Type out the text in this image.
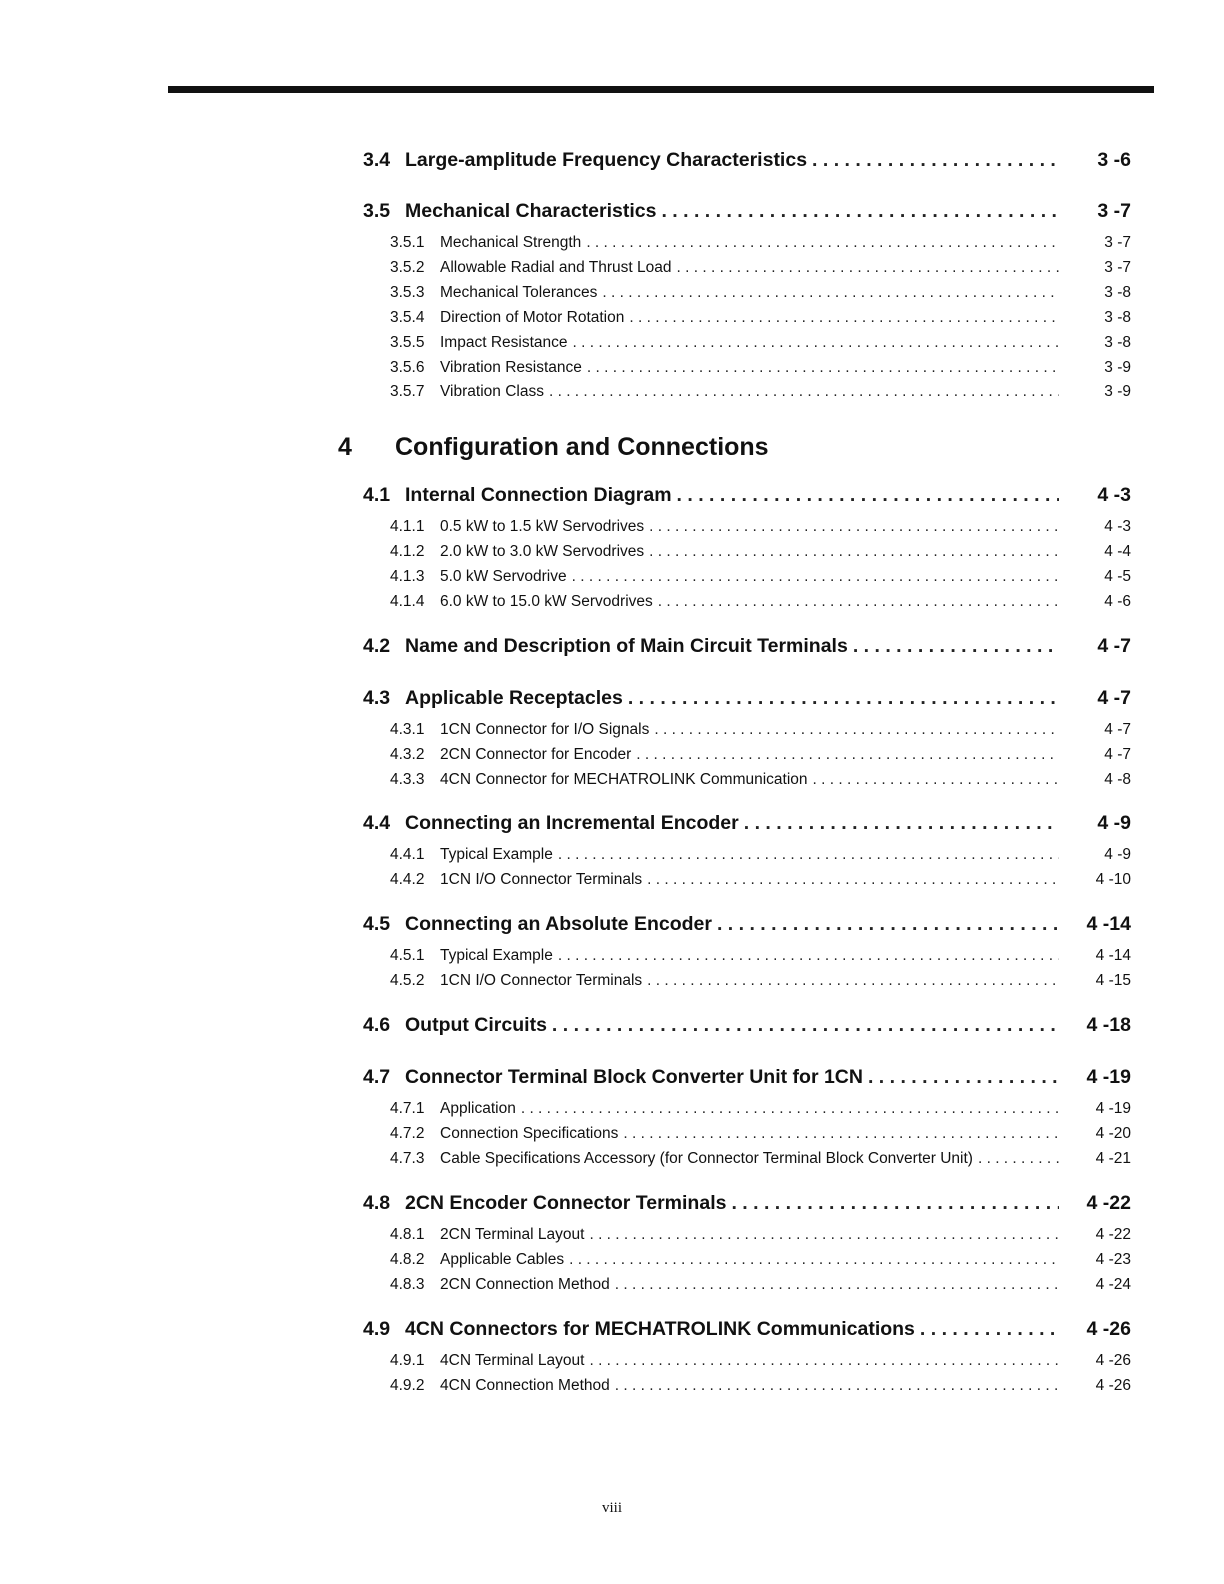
3.4 Large-amplitude Frequency Characteristics . . .	3 -6
3.5 Mechanical Characteristics . . .	3 -7
3.5.1	Mechanical Strength . . .	3 -7
3.5.2	Allowable Radial and Thrust Load . . .	3 -7
3.5.3	Mechanical Tolerances . . .	3 -8
3.5.4	Direction of Motor Rotation . . .	3 -8
3.5.5	Impact Resistance . . .	3 -8
3.5.6	Vibration Resistance . . .	3 -9
3.5.7	Vibration Class . . .	3 -9
4 Configuration and Connections
4.1 Internal Connection Diagram . . .	4 -3
4.1.1	0.5 kW to 1.5 kW Servodrives . . .	4 -3
4.1.2	2.0 kW to 3.0 kW Servodrives . . .	4 -4
4.1.3	5.0 kW Servodrive . . .	4 -5
4.1.4	6.0 kW to 15.0 kW Servodrives . . .	4 -6
4.2 Name and Description of Main Circuit Terminals . . .	4 -7
4.3 Applicable Receptacles . . .	4 -7
4.3.1	1CN Connector for I/O Signals . . .	4 -7
4.3.2	2CN Connector for Encoder . . .	4 -7
4.3.3	4CN Connector for MECHATROLINK Communication . . .	4 -8
4.4 Connecting an Incremental Encoder . . .	4 -9
4.4.1	Typical Example . . .	4 -9
4.4.2	1CN I/O Connector Terminals . . .	4 -10
4.5 Connecting an Absolute Encoder . . .	4 -14
4.5.1	Typical Example . . .	4 -14
4.5.2	1CN I/O Connector Terminals . . .	4 -15
4.6 Output Circuits . . .	4 -18
4.7 Connector Terminal Block Converter Unit for 1CN . . .	4 -19
4.7.1	Application . . .	4 -19
4.7.2	Connection Specifications . . .	4 -20
4.7.3	Cable Specifications Accessory (for Connector Terminal Block Converter Unit) . . .	4 -21
4.8 2CN Encoder Connector Terminals . . .	4 -22
4.8.1	2CN Terminal Layout . . .	4 -22
4.8.2	Applicable Cables . . .	4 -23
4.8.3	2CN Connection Method . . .	4 -24
4.9 4CN Connectors for MECHATROLINK Communications . . .	4 -26
4.9.1	4CN Terminal Layout . . .	4 -26
4.9.2	4CN Connection Method . . .	4 -26
viii
